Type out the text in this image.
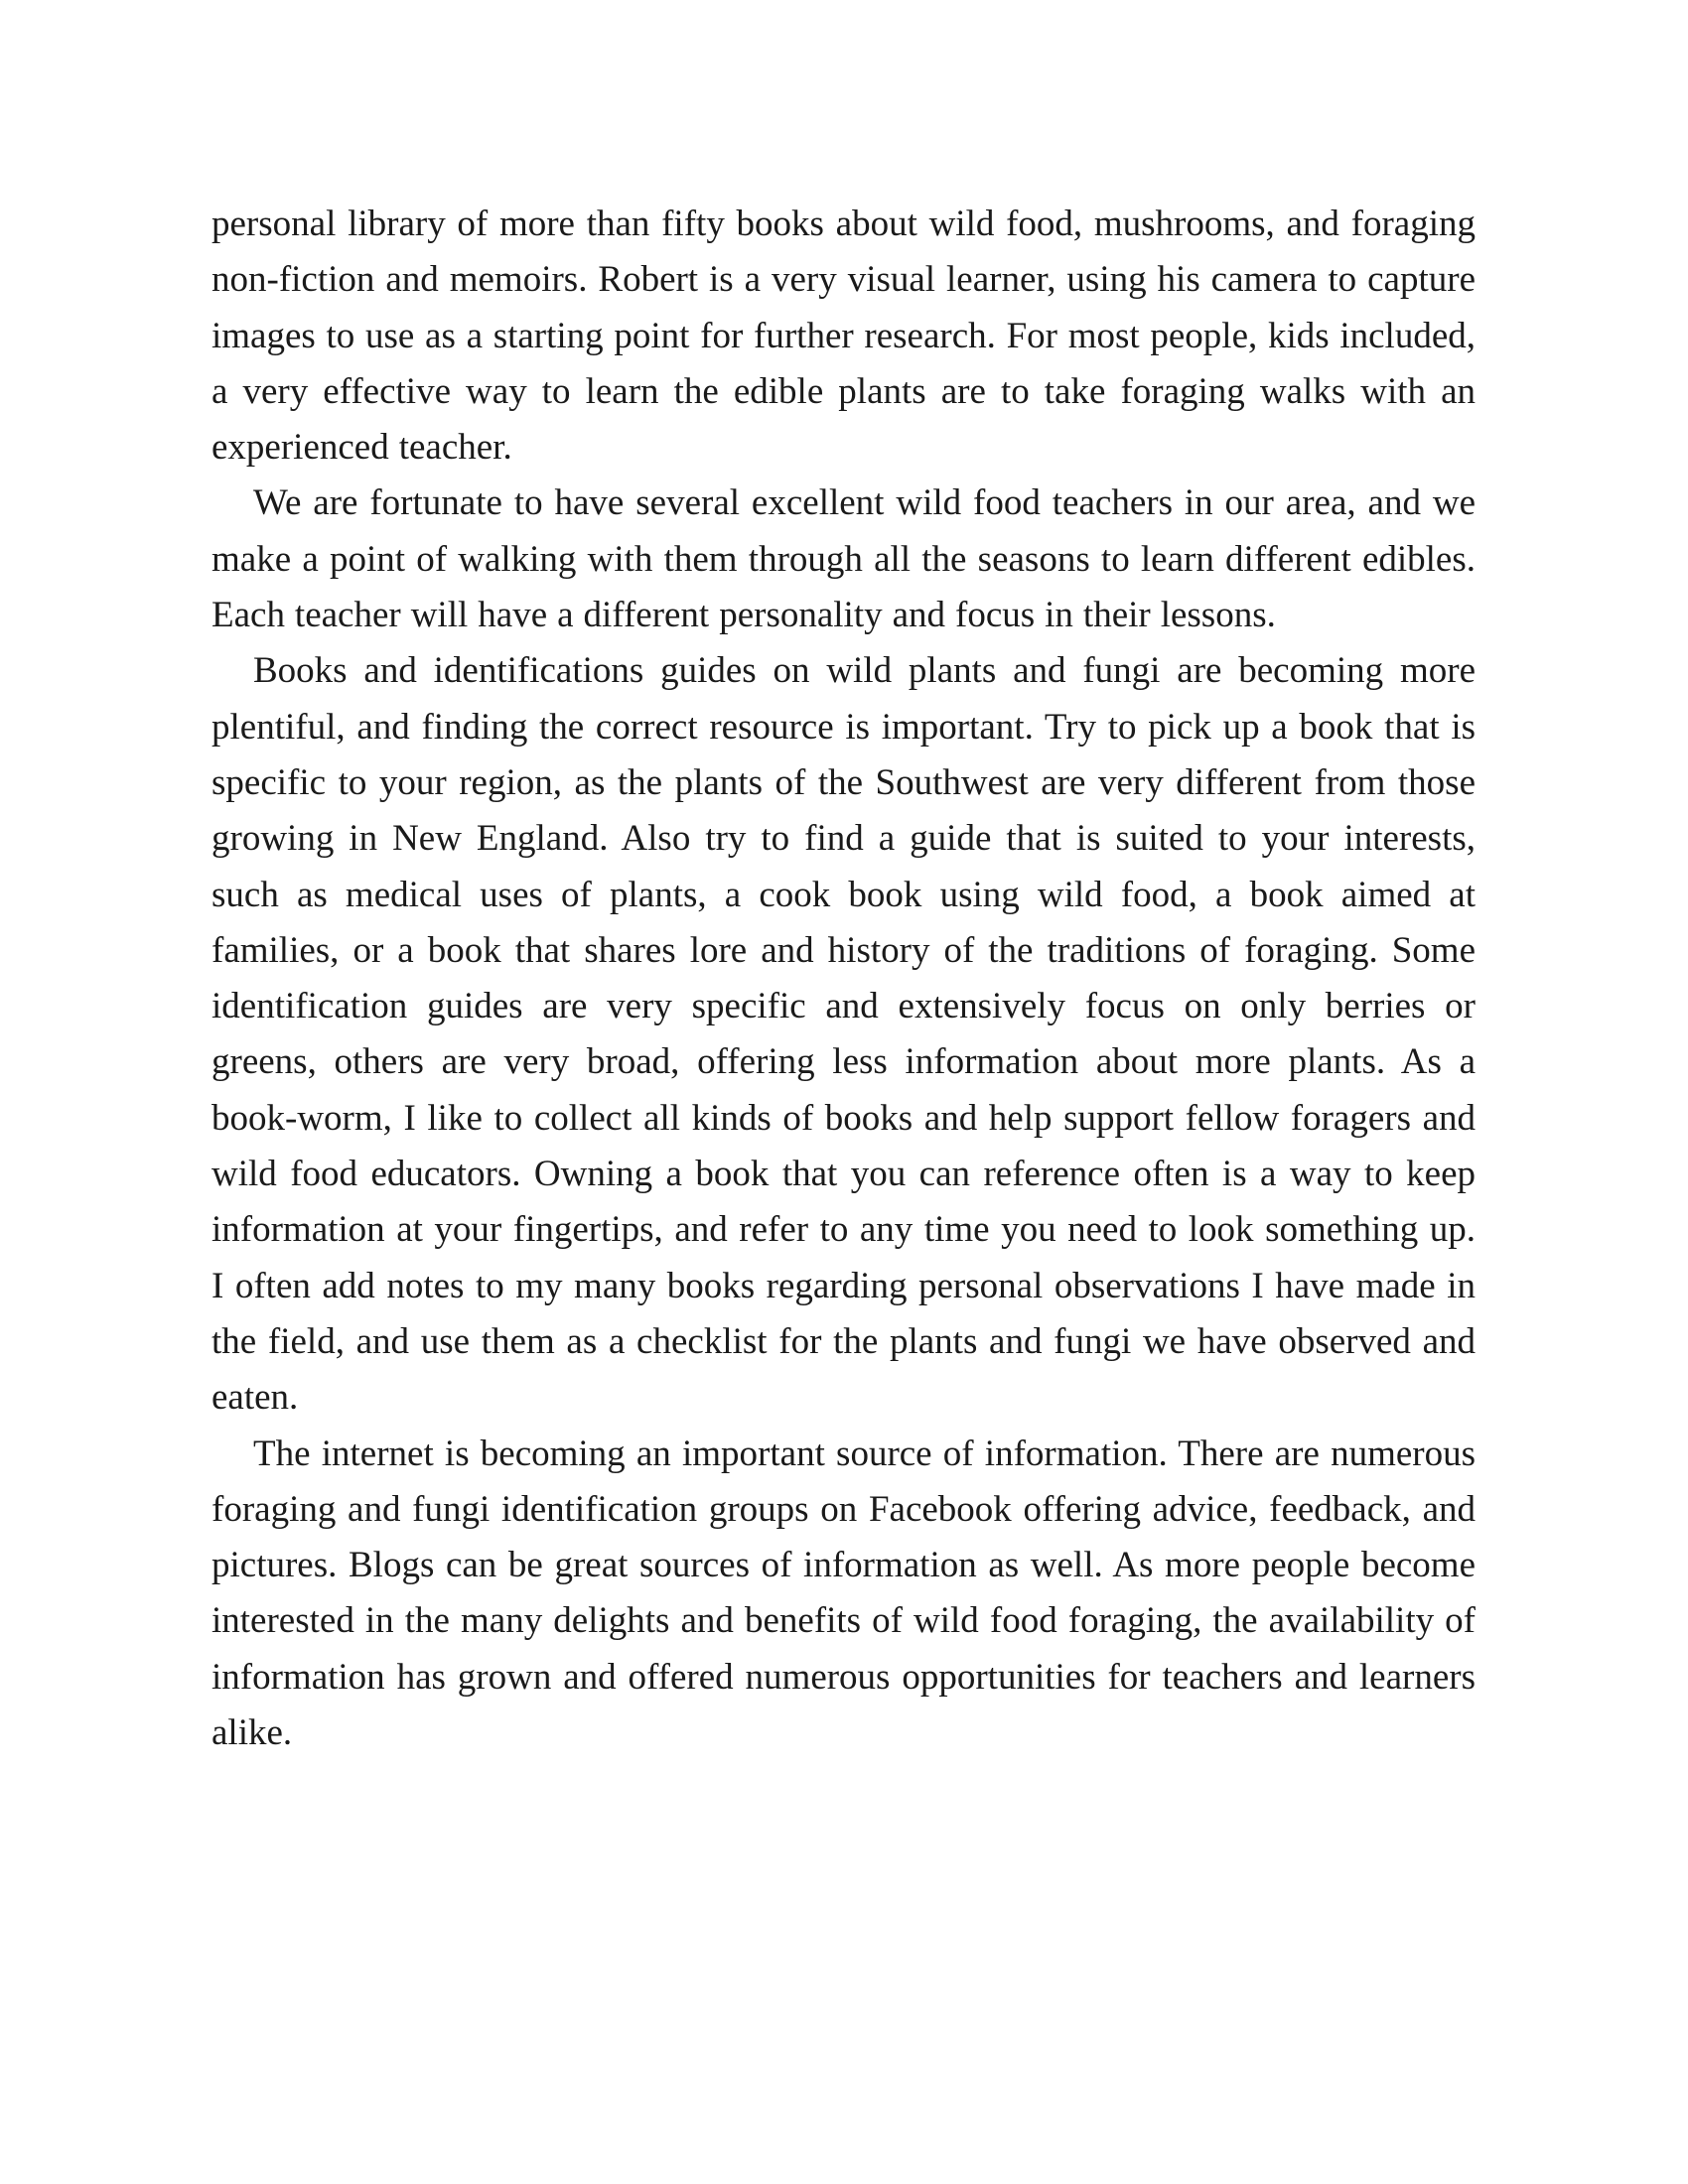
personal library of more than fifty books about wild food, mushrooms, and foraging non-fiction and memoirs. Robert is a very visual learner, using his camera to capture images to use as a starting point for further research. For most people, kids included, a very effective way to learn the edible plants are to take foraging walks with an experienced teacher.

We are fortunate to have several excellent wild food teachers in our area, and we make a point of walking with them through all the seasons to learn different edibles. Each teacher will have a different personality and focus in their lessons.

Books and identifications guides on wild plants and fungi are becoming more plentiful, and finding the correct resource is important. Try to pick up a book that is specific to your region, as the plants of the Southwest are very different from those growing in New England. Also try to find a guide that is suited to your interests, such as medical uses of plants, a cook book using wild food, a book aimed at families, or a book that shares lore and history of the traditions of foraging. Some identification guides are very specific and extensively focus on only berries or greens, others are very broad, offering less information about more plants. As a book-worm, I like to collect all kinds of books and help support fellow foragers and wild food educators. Owning a book that you can reference often is a way to keep information at your fingertips, and refer to any time you need to look something up. I often add notes to my many books regarding personal observations I have made in the field, and use them as a checklist for the plants and fungi we have observed and eaten.

The internet is becoming an important source of information. There are numerous foraging and fungi identification groups on Facebook offering advice, feedback, and pictures. Blogs can be great sources of information as well. As more people become interested in the many delights and benefits of wild food foraging, the availability of information has grown and offered numerous opportunities for teachers and learners alike.
